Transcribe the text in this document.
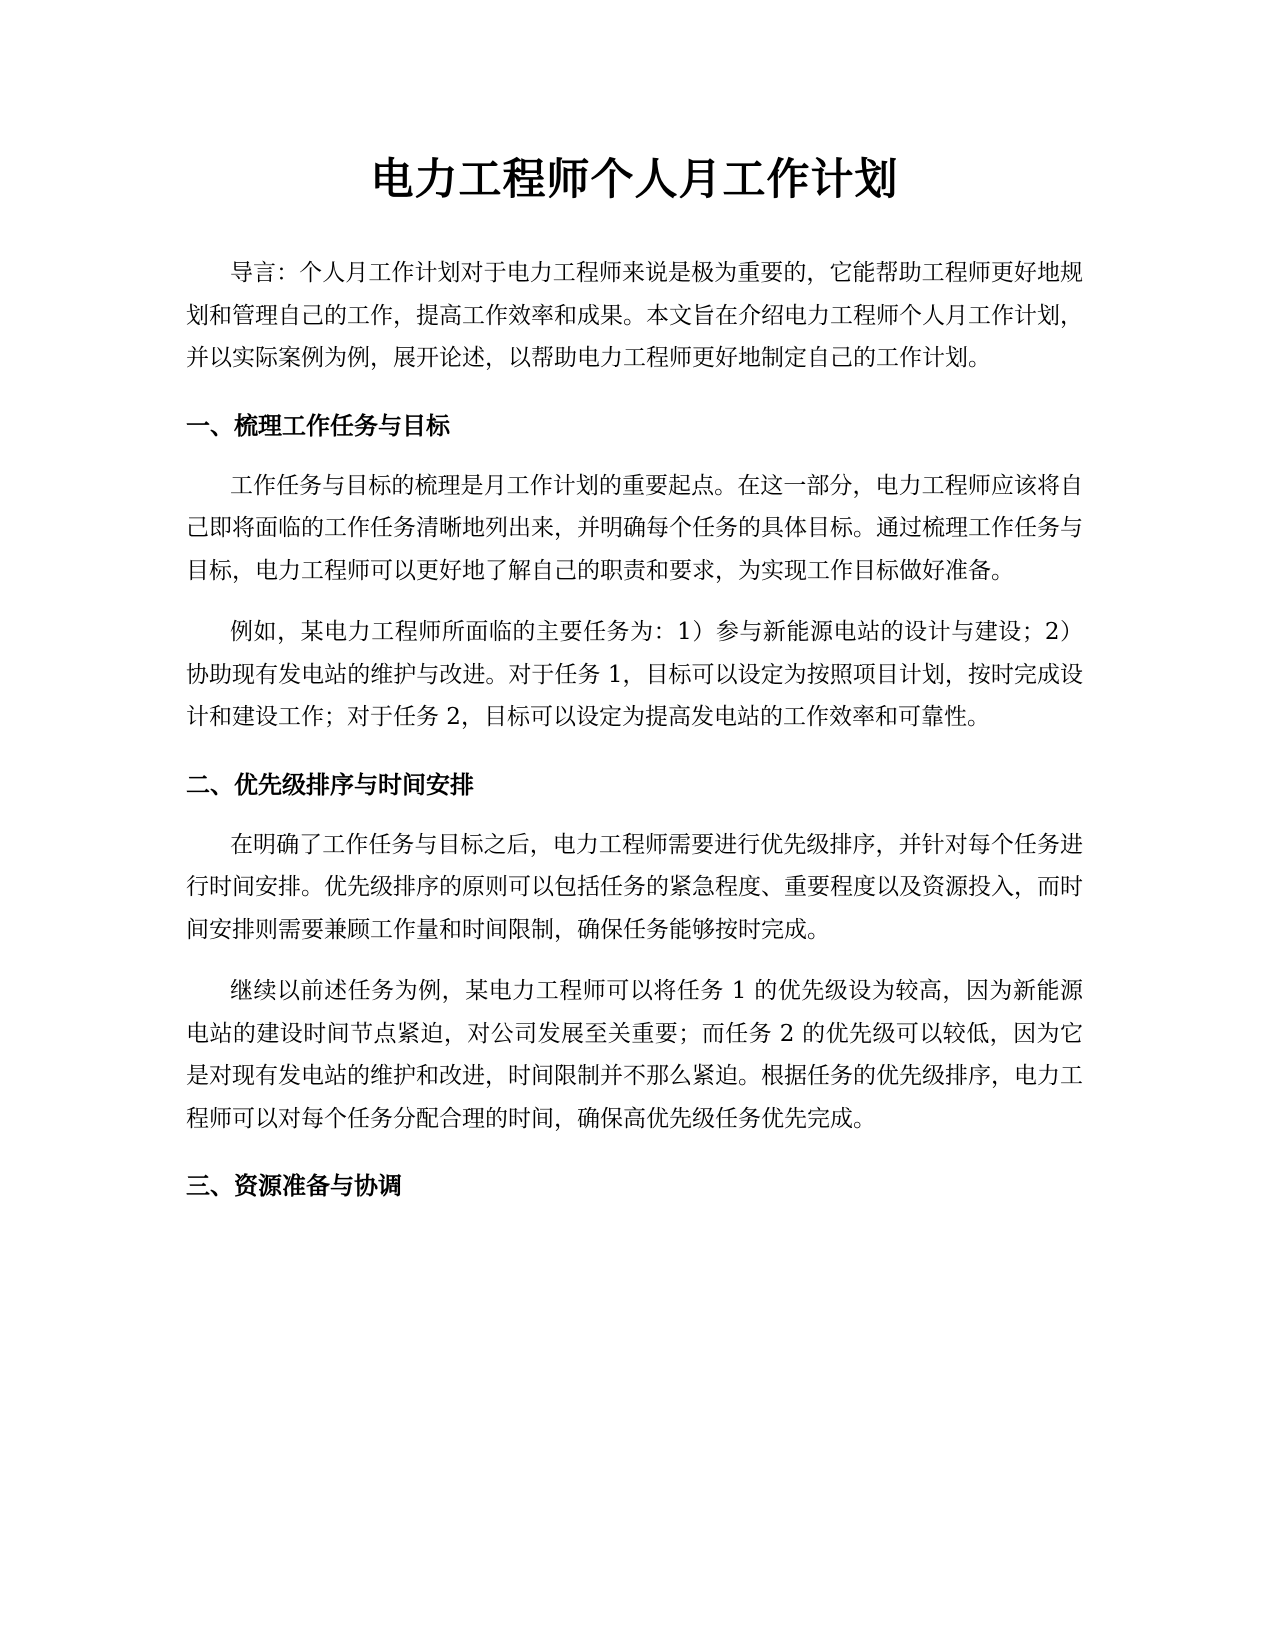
电力工程师个人月工作计划

导言：个人月工作计划对于电力工程师来说是极为重要的，它能帮助工程师更好地规划和管理自己的工作，提高工作效率和成果。本文旨在介绍电力工程师个人月工作计划，并以实际案例为例，展开论述，以帮助电力工程师更好地制定自己的工作计划。

一、梳理工作任务与目标

工作任务与目标的梳理是月工作计划的重要起点。在这一部分，电力工程师应该将自己即将面临的工作任务清晰地列出来，并明确每个任务的具体目标。通过梳理工作任务与目标，电力工程师可以更好地了解自己的职责和要求，为实现工作目标做好准备。

例如，某电力工程师所面临的主要任务为：1）参与新能源电站的设计与建设；2）协助现有发电站的维护与改进。对于任务 1，目标可以设定为按照项目计划，按时完成设计和建设工作；对于任务 2，目标可以设定为提高发电站的工作效率和可靠性。

二、优先级排序与时间安排

在明确了工作任务与目标之后，电力工程师需要进行优先级排序，并针对每个任务进行时间安排。优先级排序的原则可以包括任务的紧急程度、重要程度以及资源投入，而时间安排则需要兼顾工作量和时间限制，确保任务能够按时完成。

继续以前述任务为例，某电力工程师可以将任务 1 的优先级设为较高，因为新能源电站的建设时间节点紧迫，对公司发展至关重要；而任务 2 的优先级可以较低，因为它是对现有发电站的维护和改进，时间限制并不那么紧迫。根据任务的优先级排序，电力工程师可以对每个任务分配合理的时间，确保高优先级任务优先完成。

三、资源准备与协调
